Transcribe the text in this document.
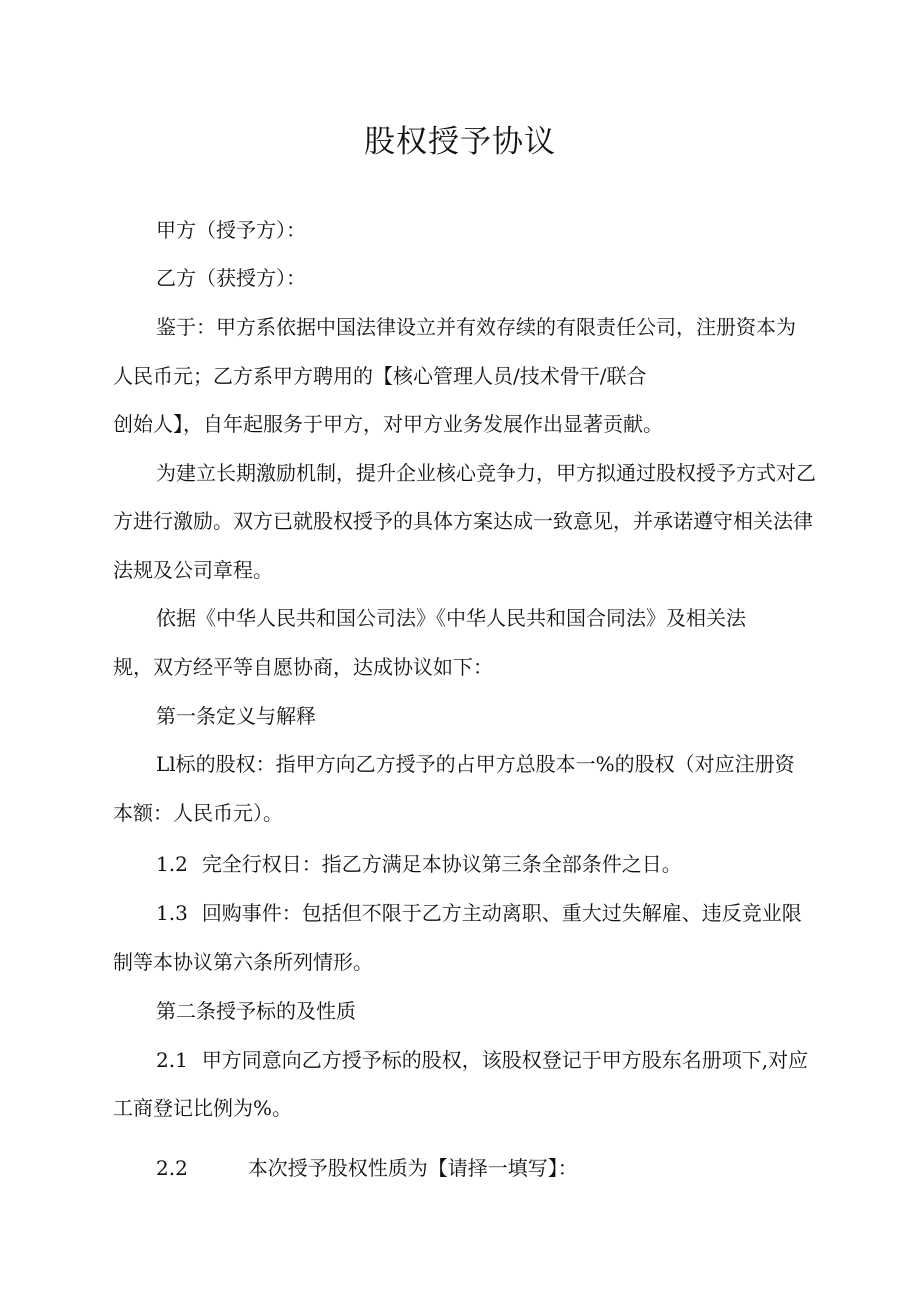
股权授予协议

甲方（授予方）：

乙方（获授方）：

鉴于：甲方系依据中国法律设立并有效存续的有限责任公司，注册资本为

人民币元；乙方系甲方聘用的【核心管理人员/技术骨干/联合

创始人】，自年起服务于甲方，对甲方业务发展作出显著贡献。

为建立长期激励机制，提升企业核心竞争力，甲方拟通过股权授予方式对乙

方进行激励。双方已就股权授予的具体方案达成一致意见，并承诺遵守相关法律

法规及公司章程。

依据《中华人民共和国公司法》《中华人民共和国合同法》及相关法

规，双方经平等自愿协商，达成协议如下：

第一条定义与解释

Ll标的股权：指甲方向乙方授予的占甲方总股本一%的股权（对应注册资

本额：人民币元）。

1.2 完全行权日：指乙方满足本协议第三条全部条件之日。

1.3 回购事件：包括但不限于乙方主动离职、重大过失解雇、违反竞业限

制等本协议第六条所列情形。

第二条授予标的及性质

2.1 甲方同意向乙方授予标的股权，该股权登记于甲方股东名册项下,对应

工商登记比例为%。

2.2	本次授予股权性质为【请择一填写】：
